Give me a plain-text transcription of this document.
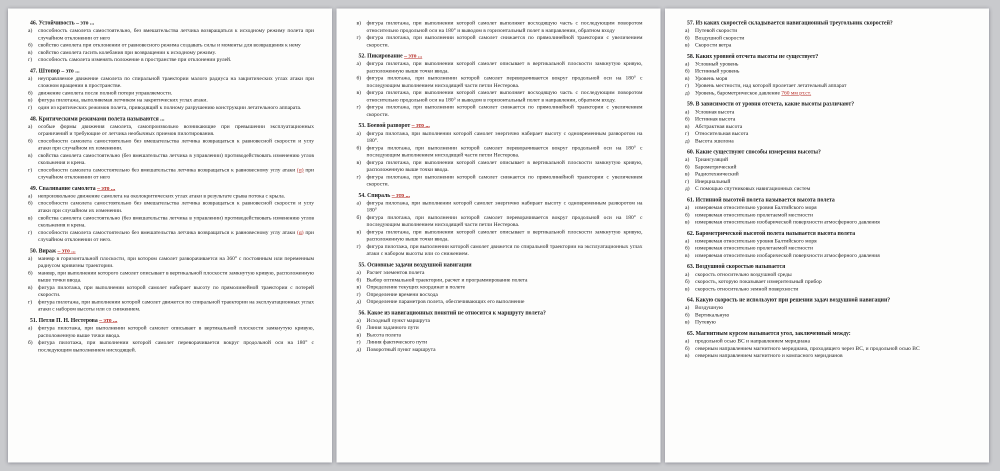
46. Устойчивость – это ...
а) способность самолета самостоятельно, без вмешательства летчика возвращаться к исходному режиму полета при случайном отклонении от него
б) свойство самолета при отклонении от равновесного режима создавать силы и моменты для возвращения к нему
в) свойство самолета гасить колебания при возвращении к исходному режиму.
г) способность самолета изменять положение в пространстве при отклонении рулей.
47. Штопор – это ...
а) неуправляемое движение самолета по спиральной траектории малого радиуса на закритических углах атаки при сложном вращении в пространстве.
б) движение самолета после полной потери управляемости.
в) фигура пилотажа, выполняемая летчиком на закритических углах атаки.
г) один из критических режимов полета, приводящий к полному разрушению конструкции летательного аппарата.
48. Критическими режимами полета называются ...
а) особые формы движения самолета, самопроизвольно возникающие при превышении эксплуатационных ограничений и требующие от летчика необычных приемов пилотирования.
б) способности самолета самостоятельно без вмешательства летчика возвращаться к равновесной скорости и углу атаки при случайном их изменении.
в) свойства самолета самостоятельно (без вмешательства летчика в управлении) противодействовать изменению углов скольжения и крена.
г) способности самолета самостоятельно без вмешательства летчика возвращаться к равновесному углу атаки (α) при случайном отклонении от него
49. Сваливание самолета – это ...
а) непроизвольное движение самолета на околокритических углах атаки в результате срыва потока с крыла.
б) способности самолета самостоятельно без вмешательства летчика возвращаться к равновесной скорости и углу атаки при случайном их изменении.
в) свойства самолета самостоятельно (без вмешательства летчика в управлении) противодействовать изменению углов скольжения и крена.
г) способности самолета самостоятельно без вмешательства летчика возвращаться к равновесному углу атаки (α) при случайном отклонении от него.
50. Вираж – это ...
а) маневр в горизонтальной плоскости, при котором самолет разворачивается на 360° с постоянным или переменным радиусом кривизны траектории.
б) маневр, при выполнении которого самолет описывает в вертикальной плоскости замкнутую кривую, расположенную выше точки ввода.
в) фигура пилотажа, при выполнении которой самолет набирает высоту по прямолинейной траектории с потерей скорости.
г) фигура пилотажа, при выполнении которой самолет движется по спиральной траектории на эксплуатационных углах атаки с набором высоты или со снижением.
51. Петля П. Н. Нестерова – это ...
а) фигура пилотажа, при выполнении которой самолет описывает в вертикальной плоскости замкнутую кривую, расположенную выше точки ввода.
б) фигура пилотажа, при выполнении которой самолет переворачивается вокруг продольной оси на 180° с последующим выполнением нисходящей.
в) фигура пилотажа, при выполнении которой самолет выполняет восходящую часть с последующим поворотом относительно продольной оси на 180° и выводом в горизонтальный полет в направлении, обратном входу
г) фигура пилотажа, при выполнении которой самолет снижается по прямолинейной траектории с увеличением скорости.
52. Пикирование – это ...
а) фигура пилотажа, при выполнении которой самолет описывает в вертикальной плоскости замкнутую кривую, расположенную выше точки ввода.
б) фигура пилотажа, при выполнении которой самолет переворачивается вокруг продольной оси на 180° с последующим выполнением нисходящей части петли Нестерова.
в) фигура пилотажа, при выполнении которой самолет выполняет восходящую часть с последующим поворотом относительно продольной оси на 180° и выводом в горизонтальный полет в направлении, обратном входу.
г) фигура пилотажа, при выполнении которой самолет снижается по прямолинейной траектории с увеличением скорости.
53. Боевой разворот – это ...
а) фигура пилотажа, при выполнении которой самолет энергично набирает высоту с одновременным разворотом на 180°.
б) фигура пилотажа, при выполнении которой самолет переворачивается вокруг продольной оси на 180° с последующим выполнением нисходящей части петли Нестерова.
в) фигура пилотажа, при выполнении которой самолет описывает в вертикальной плоскости замкнутую кривую, расположенную выше точки ввода.
г) фигура пилотажа, при выполнении которой самолет снижается по прямолинейной траектории с увеличением скорости.
54. Спираль – это ...
а) фигура пилотажа, при выполнении которой самолет энергично набирает высоту с одновременным разворотом на 180°
б) фигура пилотажа, при выполнении которой самолет переворачивается вокруг продольной оси на 180° с последующим выполнением нисходящей части петли Нестерова.
в) фигура пилотажа, при выполнении которой самолет описывает в вертикальной плоскости замкнутую кривую, расположенную выше точки ввода.
г) фигура пилотажа, при выполнении которой самолет движется по спиральной траектории на эксплуатационных углах атаки с набором высоты или со снижением.
55. Основные задачи воздушной навигации
а) Расчет элементов полета
б) Выбор оптимальной траектории, расчет и программирование полета
в) Определение текущих координат в полете
г) Определение времени восхода
д) Определение параметров полета, обеспечивающих его выполнение
56. Какое из навигационных понятий не относится к маршруту полета?
а) Исходный пункт маршрута
б) Линия заданного пути
в) Высота полета
г) Линия фактического пути
д) Поворотный пункт маршрута
57. Из каких скоростей складывается навигационный треугольник скоростей?
а) Путевой скорости
б) Воздушной скорости
в) Скорости ветра
58. Каких уровней отсчета высоты не существует?
а) Условный уровень
б) Истинный уровень
в) Уровень моря
г) Уровень местности, над которой пролетает летательный аппарат
д) Уровень, барометрическое давление 760 мм рт.ст.
59. В зависимости от уровня отсчета, какие высоты различают?
а) Условная высота
б) Истинная высота
в) Абстрактная высота
г) Относительная высота
д) Высота эшелона
60. Какие существуют способы измерения высоты?
а) Триангуляций
б) Барометрический
в) Радиотехнический
г) Инерциальный
д) С помощью спутниковых навигационных систем
61. Истинной высотой полета называется высота полета
а) измеряемая относительно уровня Балтийского моря
б) измеряемая относительно пролетаемой местности
в) измеряемая относительно изобарической поверхности атмосферного давления
62. Барометрической высотой полета называется высота полета
а) измеряемая относительно уровня Балтийского моря
б) измеряемая относительно пролетаемой местности
в) измеряемая относительно изобарической поверхности атмосферного давления
63. Воздушной скоростью называется
а) скорость относительно воздушной среды
б) скорость, которую показывает измерительный прибор
в) скорость относительно земной поверхности
64. Какую скорость не используют при решении задач воздушной навигации?
а) Воздушную
б) Вертикальную
в) Путевую
65. Магнитным курсом называется угол, заключенный между:
а) продольной осью ВС и направлением меридиана
б) северным направлением магнитного меридиана, проходящего через ВС, и продольной осью ВС
в) северным направлением магнитного и компасного меридианов
